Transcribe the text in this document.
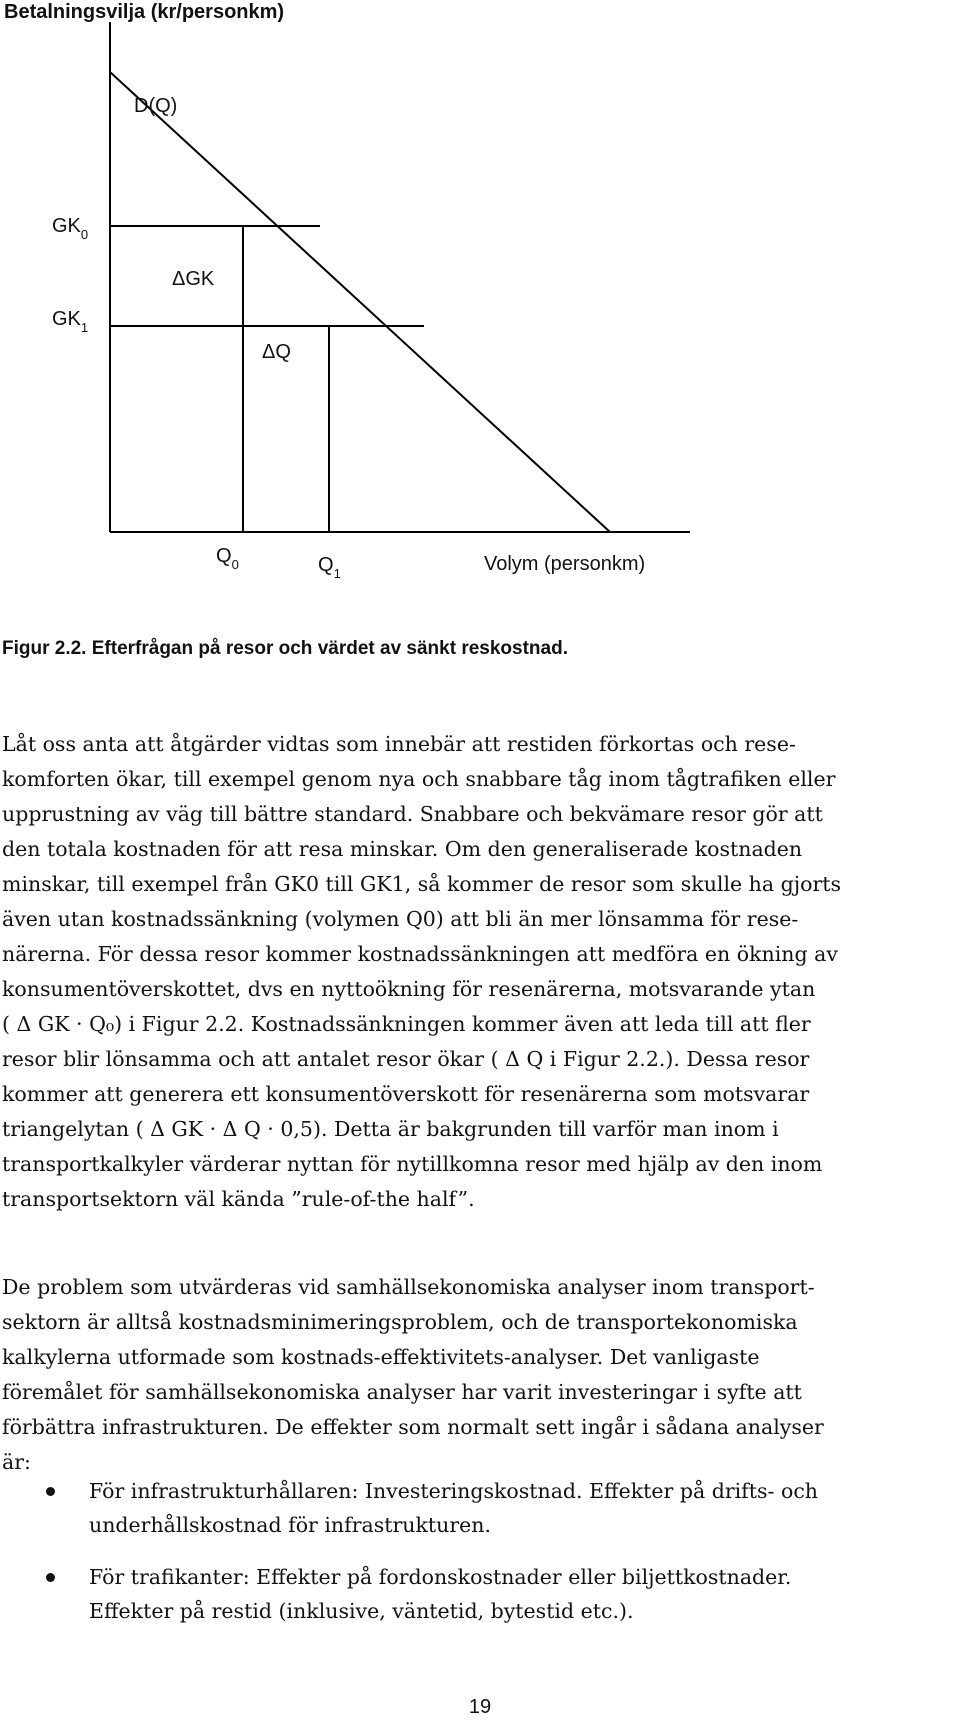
Betalningsvilja (kr/personkm)
D(Q)
$GK_0$
$GK_1$
ΔGK
ΔQ
$Q_0$	$Q_1$	Volym (personkm)
Figur 2.2. Efterfrågan på resor och värdet av sänkt reskostnad.
Låt oss anta att åtgärder vidtas som innebär att restiden förkortas och rese-
komforten ökar, till exempel genom nya och snabbare tåg inom tågtrafiken eller
upprustning av väg till bättre standard. Snabbare och bekvämare resor gör att
den totala kostnaden för att resa minskar. Om den generaliserade kostnaden
minskar, till exempel från GK0 till GK1, så kommer de resor som skulle ha gjorts
även utan kostnadssänkning (volymen Q0) att bli än mer lönsamma för rese-
närerna. För dessa resor kommer kostnadssänkningen att medföra en ökning av
konsumentöverskottet, dvs en nyttoökning för resenärerna, motsvarande ytan
( Δ GK · Q₀) i Figur 2.2. Kostnadssänkningen kommer även att leda till att fler
resor blir lönsamma och att antalet resor ökar ( Δ Q i Figur 2.2.). Dessa resor
kommer att generera ett konsumentöverskott för resenärerna som motsvarar
triangelytan ( Δ GK · Δ Q · 0,5). Detta är bakgrunden till varför man inom i
transportkalkyler värderar nyttan för nytillkomna resor med hjälp av den inom
transportsektorn väl kända ”rule-of-the half”.
De problem som utvärderas vid samhällsekonomiska analyser inom transport-
sektorn är alltså kostnadsminimeringsproblem, och de transportekonomiska
kalkylerna utformade som kostnads-effektivitets-analyser. Det vanligaste
föremålet för samhällsekonomiska analyser har varit investeringar i syfte att
förbättra infrastrukturen. De effekter som normalt sett ingår i sådana analyser
är:
För infrastrukturhållaren: Investeringskostnad. Effekter på drifts- och
underhållskostnad för infrastrukturen.
För trafikanter: Effekter på fordonskostnader eller biljettkostnader.
Effekter på restid (inklusive, väntetid, bytestid etc.).
19
